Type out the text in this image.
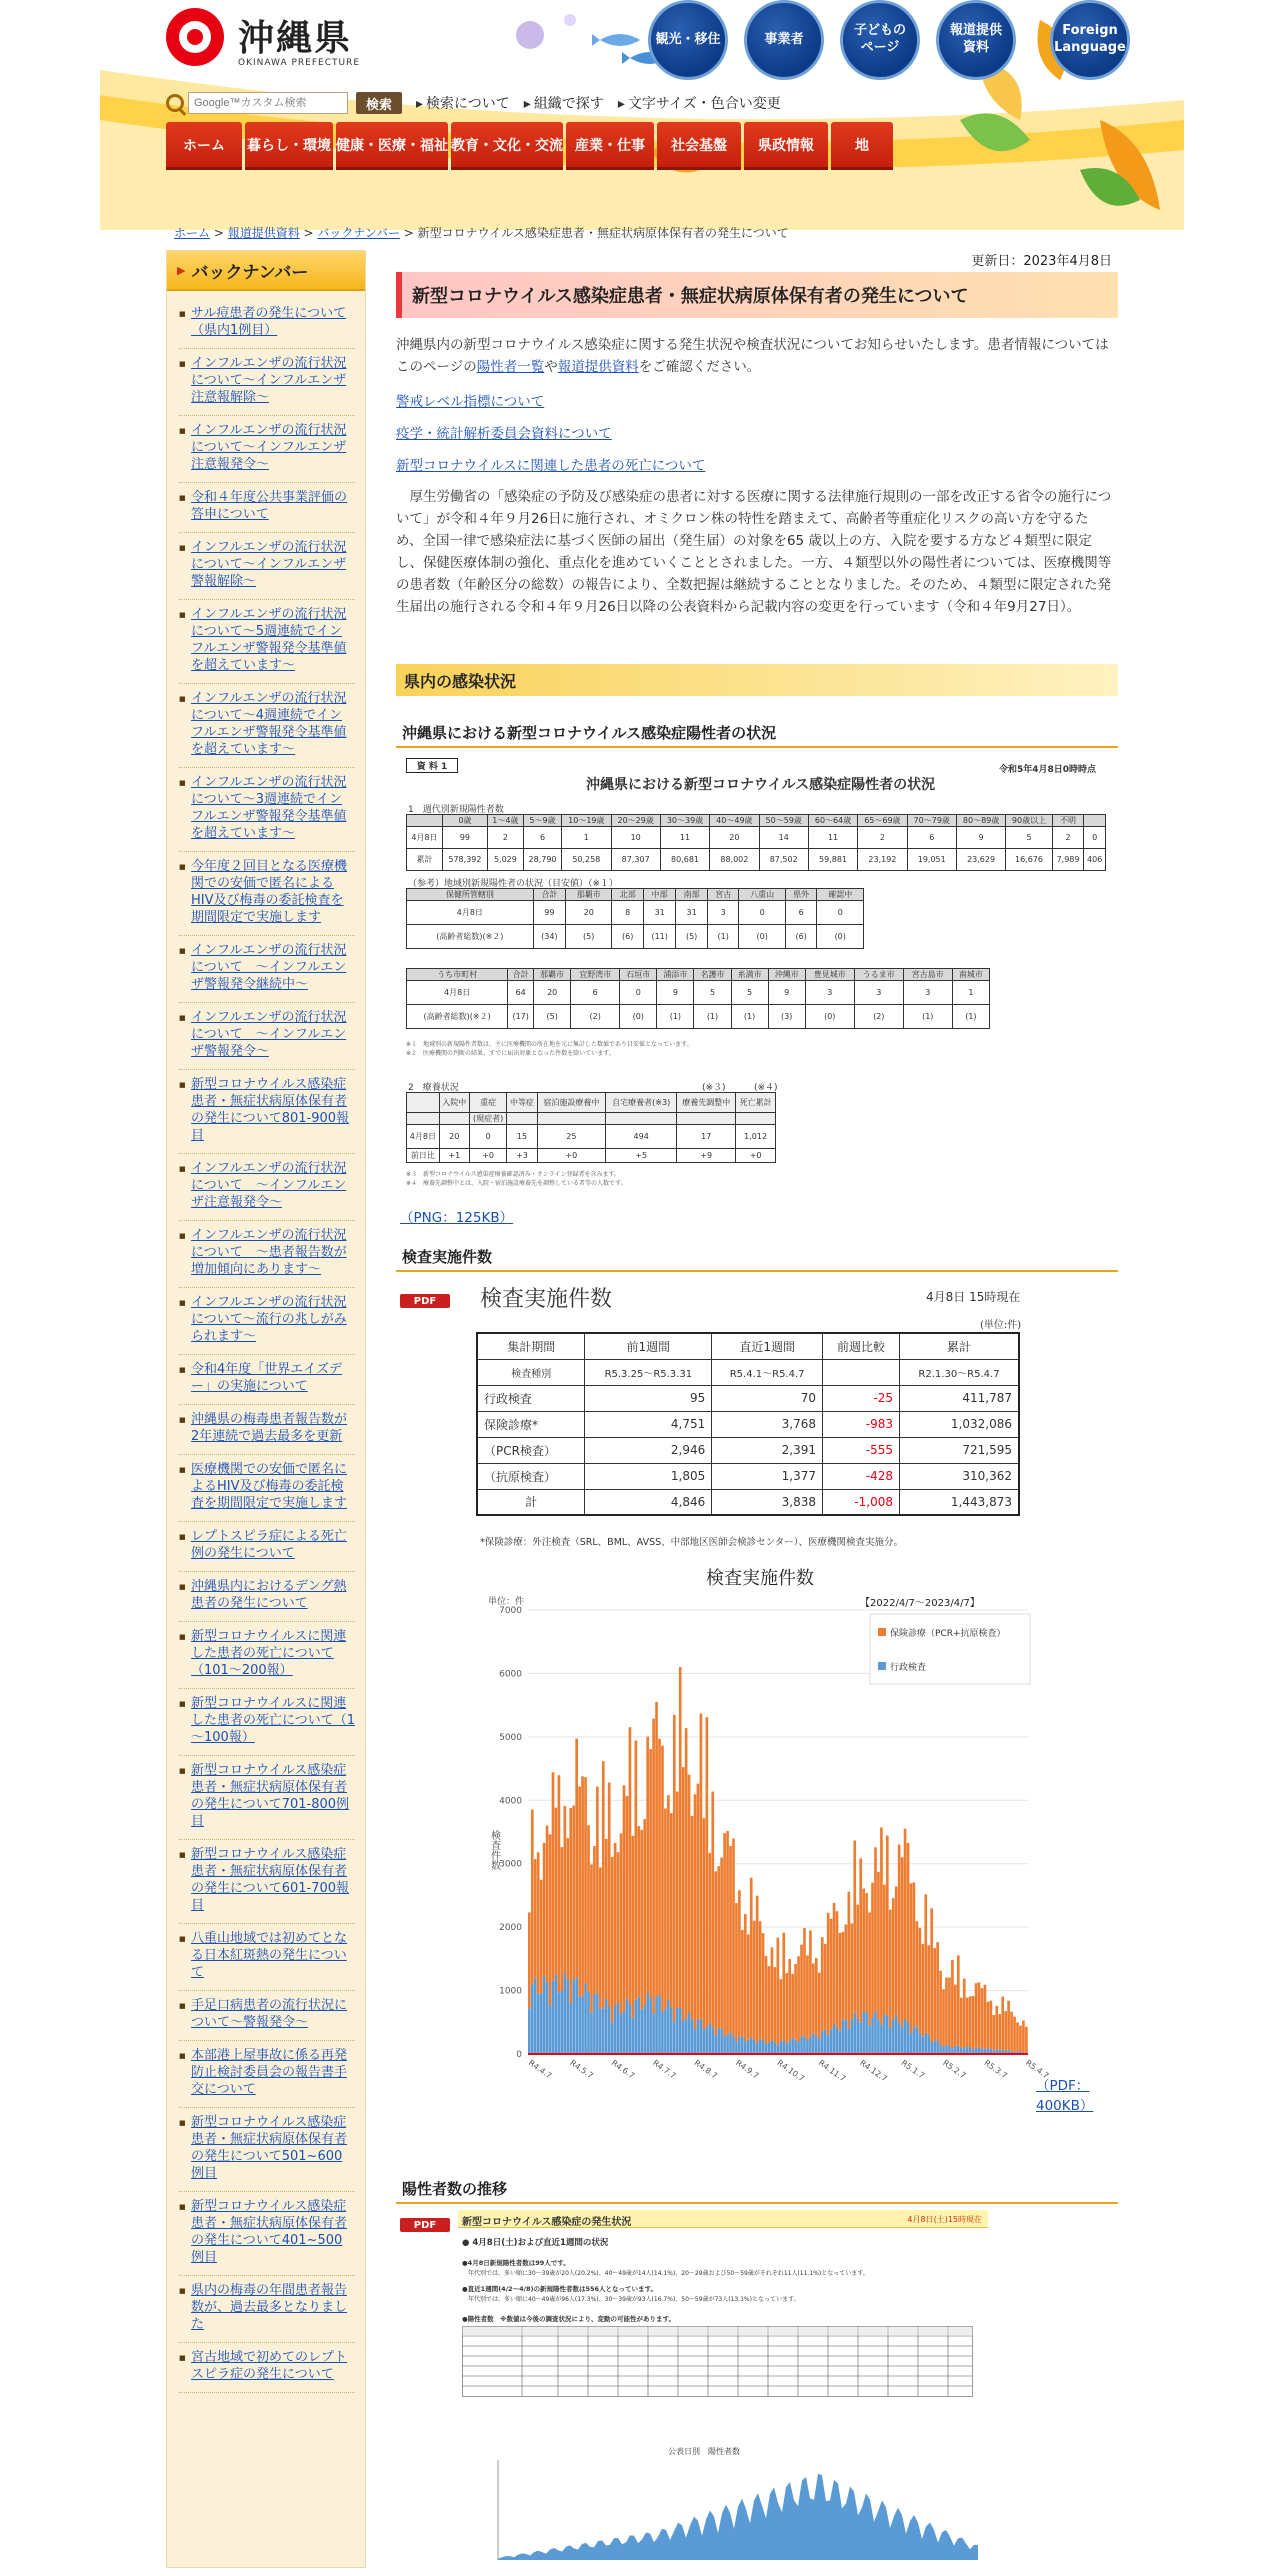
沖縄県
OKINAWA PREFECTURE
観光・移住	事業者
子どもの
ページ
報道提供
資料
Foreign
Language
Google™カスタム検索
検索	▸ 検索について	▸ 組織で探す	▸ 文字サイズ・色合い変更
ホーム	暮らし・環境 健康・医療・福祉 教育・文化・交流 産業・仕事	社会基盤	県政情報	地
ホーム > 報道提供資料 > バックナンバー > 新型コロナウイルス感染症患者・無症状病原体保有者の発生について
▶ バックナンバー
■ サル痘患者の発生について（県内1例目）
■ インフルエンザの流行状況について～インフルエンザ注意報解除～
■ インフルエンザの流行状況について～インフルエンザ注意報発令～
■ 令和４年度公共事業評価の答申について
■ インフルエンザの流行状況について～インフルエンザ警報解除～
■ インフルエンザの流行状況について～5週連続でインフルエンザ警報発令基準値を超えています～
■ インフルエンザの流行状況について～4週連続でインフルエンザ警報発令基準値を超えています～
■ インフルエンザの流行状況について～3週連続でインフルエンザ警報発令基準値を超えています～
■ 今年度２回目となる医療機関での安価で匿名によるHIV及び梅毒の委託検査を期間限定で実施します
■ インフルエンザの流行状況について　～インフルエンザ警報発令継続中～
■ インフルエンザの流行状況について　～インフルエンザ警報発令～
■ 新型コロナウイルス感染症患者・無症状病原体保有者の発生について801-900報目
■ インフルエンザの流行状況について　～インフルエンザ注意報発令～
■ インフルエンザの流行状況について　～患者報告数が増加傾向にあります～
■ インフルエンザの流行状況について～流行の兆しがみられます～
■ 令和4年度「世界エイズデー」の実施について
■ 沖縄県の梅毒患者報告数が2年連続で過去最多を更新
■ 医療機関での安価で匿名によるHIV及び梅毒の委託検査を期間限定で実施します
■ レプトスピラ症による死亡例の発生について
■ 沖縄県内におけるデング熱患者の発生について
■ 新型コロナウイルスに関連した患者の死亡について（101～200報）
■ 新型コロナウイルスに関連した患者の死亡について（1～100報）
■ 新型コロナウイルス感染症患者・無症状病原体保有者の発生について701-800例目
■ 新型コロナウイルス感染症患者・無症状病原体保有者の発生について601-700報目
■ 八重山地域では初めてとなる日本紅斑熱の発生について
■ 手足口病患者の流行状況について～警報発令～
■ 本部港上屋事故に係る再発防止検討委員会の報告書手交について
■ 新型コロナウイルス感染症患者・無症状病原体保有者の発生について501~600例目
■ 新型コロナウイルス感染症患者・無症状病原体保有者の発生について401~500例目
■ 県内の梅毒の年間患者報告数が、過去最多となりました
■ 宮古地域で初めてのレプトスピラ症の発生について
更新日：2023年4月8日
新型コロナウイルス感染症患者・無症状病原体保有者の発生について
沖縄県内の新型コロナウイルス感染症に関する発生状況や検査状況についてお知らせいたします。患者情報についてはこのページの陽性者一覧や報道提供資料をご確認ください。
警戒レベル指標について
疫学・統計解析委員会資料について
新型コロナウイルスに関連した患者の死亡について
厚生労働省の「感染症の予防及び感染症の患者に対する医療に関する法律施行規則の一部を改正する省令の施行について」が令和４年９月26日に施行され、オミクロン株の特性を踏まえて、高齢者等重症化リスクの高い方を守るため、全国一律で感染症法に基づく医師の届出（発生届）の対象を65 歳以上の方、入院を要する方など４類型に限定し、保健医療体制の強化、重点化を進めていくこととされました。一方、４類型以外の陽性者については、医療機関等の患者数（年齢区分の総数）の報告により、全数把握は継続することとなりました。そのため、４類型に限定された発生届出の施行される令和４年９月26日以降の公表資料から記載内容の変更を行っています（令和４年9月27日）。
県内の感染状況
沖縄県における新型コロナウイルス感染症陽性者の状況
資 料 1
沖縄県における新型コロナウイルス感染症陽性者の状況
令和5年4月8日0時時点
1　週代別新規陽性者数
	0歳	1～4歳	5～9歳	10～19歳	20～29歳	30～39歳	40～49歳	50～59歳	60～64歳	65～69歳	70～79歳	80～89歳	90歳以上	不明	
4月8日	99	2	6	1	10	11	20	14	11	2	6	9	5	2	0
累計	578,392	5,029	28,790	50,258	87,307	80,681	88,002	87,502	59,881	23,192	19,051	23,629	16,676	7,989	406
（参考）地域別新規陽性者の状況（目安値）（※１）
保健所管轄別	合計	那覇市	北部	中部	南部	宮古	八重山	県外	確認中
4月8日	99	20	8	31	31	3	0	6	0
(高齢者総数)(※２)	(34)	(5)	(6)	(11)	(5)	(1)	(0)	(6)	(0)
うち市町村	合計	那覇市	宜野湾市	石垣市	浦添市	名護市	糸満市	沖縄市	豊見城市	うるま市	宮古島市	南城市
4月8日	64	20	6	0	9	5	5	9	3	3	3	1
(高齢者総数)(※２)	(17)	(5)	(2)	(0)	(1)	(1)	(1)	(3)	(0)	(2)	(1)	(1)
※１　地域別の新規陽性者数は、主に医療機関の所在地を元に集計した数値であり目安値となっています。
※２　医療機関の判断の結果、すでに届出対象となった件数を除いています。
2　療養状況	(※３)	(※４)
	入院中	重症	中等症	宿泊施設療養中	自宅療養者(※3)	療養先調整中	死亡累計
		(現症者)					
4月8日	20	0	15	25	494	17	1,012
前日比	+1	+0	+3	+0	+5	+9	+0
※３　新型コロナウイルス感染症療養確認済み・オンライン登録者を含みます。
※４　療養先調整中とは、入院・宿泊施設療養先を調整している者等の人数です。
（PNG：125KB）
検査実施件数
PDF	検査実施件数	4月8日 15時現在
(単位:件)
集計期間	前1週間	直近1週間	前週比較	累計
検査種別	R5.3.25～R5.3.31	R5.4.1～R5.4.7		R2.1.30～R5.4.7
行政検査	95	70	-25	411,787
保険診療*	4,751	3,768	-983	1,032,086
（PCR検査）	2,946	2,391	-555	721,595
（抗原検査）	1,805	1,377	-428	310,362
計	4,846	3,838	-1,008	1,443,873
*保険診療：外注検査（SRL、BML、AVSS、中部地区医師会検診センター）、医療機関検査実施分。
検査実施件数
【2022/4/7～2023/4/7】
単位：件
検査件数
0
1000
2000
3000
4000
5000
6000
7000
R4.4.7 R4.5.7 R4.6.7 R4.7.7 R4.8.7 R4.9.7 R4.10.7 R4.11.7 R4.12.7 R5.1.7 R5.2.7 R5.3.7 R5.4.7
保険診療（PCR+抗原検査）
行政検査
（PDF：400KB）
陽性者数の推移
PDF	新型コロナウイルス感染症の発生状況	4月8日(土)15時現在
● 4月8日(土)および直近1週間の状況
●4月8日新規陽性者数は99人です。
年代別では、多い順に30～39歳が20人(20.2%)、40～49歳が14人(14.1%)、20～29歳および50～59歳がそれぞれ11人(11.1%)となっています。
●直近1週間(4/2～4/8)の新規陽性者数は556人となっています。
年代別では、多い順に40～49歳が96人(17.3%)、30～39歳が93人(16.7%)、50～59歳が73人(13.1%)となっています。
●陽性者数　※数値は今後の調査状況により、変動の可能性があります。
公表日別　陽性者数
